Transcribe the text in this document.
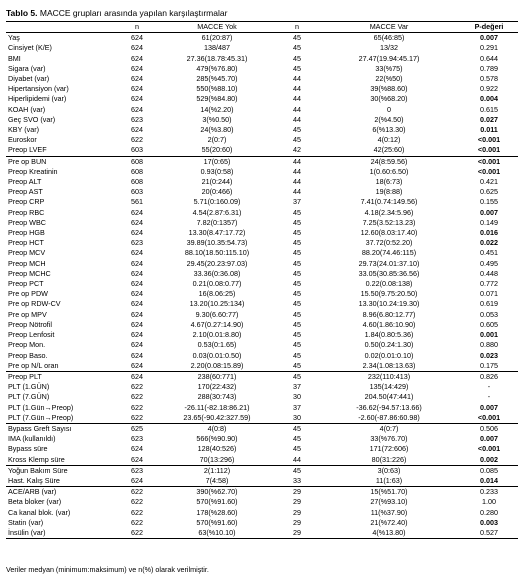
Tablo 5. MACCE grupları arasında yapılan karşılaştırmalar
	n	MACCE Yok	n	MACCE Var	P-değeri
Yaş	624	61(20:87)	45	65(46:85)	0.007
Cinsiyet (K/E)	624	138/487	45	13/32	0.291
BMI	624	27.36(18.78:45.31)	45	27.47(19.94:45.17)	0.644
Sigara (var)	624	479(%76.80)	45	33(%75)	0.789
Diyabet (var)	624	285(%45.70)	44	22(%50)	0.578
Hipertansiyon (var)	624	550(%88.10)	44	39(%88.60)	0.922
Hiperlipidemi (var)	624	529(%84.80)	44	30(%68.20)	0.004
KOAH (var)	624	14(%2.20)	44	0	0.615
Geç SVO (var)	623	3(%0.50)	44	2(%4.50)	0.027
KBY (var)	624	24(%3.80)	45	6(%13.30)	0.011
Euroskor	622	2(0:7)	45	4(0:12)	<0.001
Preop LVEF	603	55(20:60)	42	42(25:60)	<0.001
Pre op BUN	608	17(0:65)	44	24(8:59.56)	<0.001
Preop Kreatinin	608	0.93(0:58)	44	1(0.60:6.50)	<0.001
Preop ALT	608	21(0:244)	44	18(6:73)	0.421
Preop AST	603	20(0:466)	44	19(8:88)	0.625
Preop CRP	561	5.71(0:160.09)	37	7.41(0.74:149.56)	0.155
Preop RBC	624	4.54(2.87:6.31)	45	4.18(2.34:5.96)	0.007
Preop WBC	624	7.82(0:1357)	45	7.25(3.52:13.23)	0.149
Preop HGB	624	13.30(8.47:17.72)	45	12.60(8.03:17.40)	0.016
Preop HCT	623	39.89(10.35:54.73)	45	37.72(0:52.20)	0.022
Preop MCV	624	88.10(18.50:115.10)	45	88.20(74.46:115)	0.451
Preop MCH	624	29.45(20.23:97.03)	45	29.73(24.01:37.10)	0.495
Preop MCHC	624	33.36(0:36.08)	45	33.05(30.85:36.56)	0.448
Preop PCT	624	0.21(0.08:0.77)	45	0.22(0.08:138)	0.772
Pre op PDW	624	16(8.06:25)	45	15.50(9.75:20.50)	0.071
Pre op RDW-CV	624	13.20(10.25:134)	45	13.30(10.24:19.30)	0.619
Pre op MPV	624	9.30(6.60:77)	45	8.96(6.80:12.77)	0.053
Preop Nötrofil	624	4.67(0.27:14.90)	45	4.60(1.86:10.90)	0.605
Preop Lenfosit	624	2.10(0.01:8.80)	45	1.84(0.80:5.36)	0.001
Preop Mon.	624	0.53(0:1.65)	45	0.50(0.24:1.30)	0.880
Preop Baso.	624	0.03(0.01:0.50)	45	0.02(0.01:0.10)	0.023
Pre op N/L oran	624	2.20(0.08:15.89)	45	2.34(1.08:13.63)	0.175
Preop PLT	624	238(60:771)	45	232(110:413)	0.826
PLT (1.GÜN)	622	170(22:432)	37	135(14:429)	-
PLT (7.GÜN)	622	288(30:743)	30	204.50(47:441)	-
PLT (1.Gün→Preop)	622	-26.11(-82.18:86.21)	37	-36.62(-94.57:13.66)	0.007
PLT (7.Gün→Preop)	622	23.65(-90.42:327.59)	30	-2.60(-87.86:60.98)	<0.001
Bypass Greft Sayısı	625	4(0:8)	45	4(0:7)	0.506
IMA (kullanıldı)	623	566(%90.90)	45	33(%76.70)	0.007
Bypass süre	624	128(40:526)	45	171(72:606)	<0.001
Kross Klemp süre	624	70(13:296)	44	80(31:226)	0.002
Yoğun Bakım Süre	623	2(1:112)	45	3(0:63)	0.085
Hast. Kalış Süre	624	7(4:58)	33	11(1:63)	0.014
ACE/ARB (var)	622	390(%62.70)	29	15(%51.70)	0.233
Beta bloker (var)	622	570(%91.60)	29	27(%93.10)	1.00
Ca kanal blok. (var)	622	178(%28.60)	29	11(%37.90)	0.280
Statin (var)	622	570(%91.60)	29	21(%72.40)	0.003
İnsülin (var)	622	63(%10.10)	29	4(%13.80)	0.527
Veriler medyan (minimum:maksimum) ve n(%) olarak verilmiştir.
